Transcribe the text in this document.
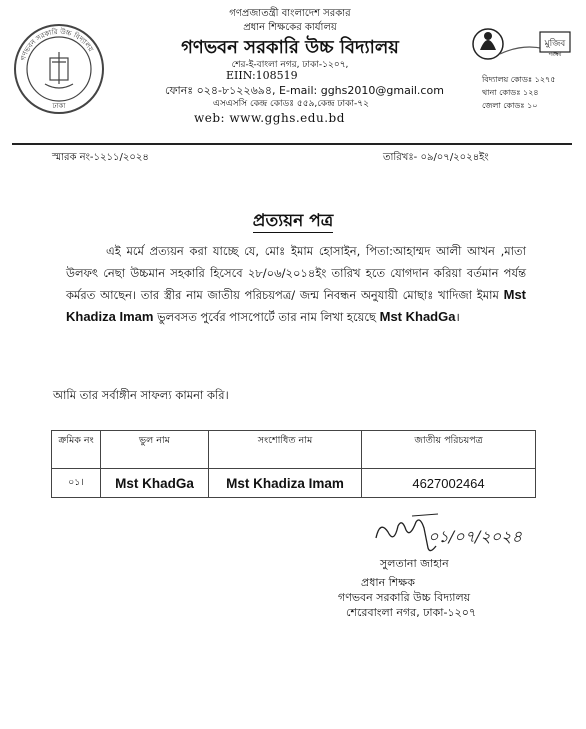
গণভবন সরকারি উচ্চ বিদ্যালয়
ঢাকা
মুজিব
শতবর্ষ
গণপ্রজাতন্ত্রী বাংলাদেশ সরকার
প্রধান শিক্ষকের কার্যালয়
গণভবন সরকারি উচ্চ বিদ্যালয়
শের-ই-বাংলা নগর, ঢাকা-১২০৭,
EIIN:108519
ফোনঃ ০২৪-৮১২২৬৯৪, E-mail: gghs2010@gmail.com
এসএসসি কেন্দ্র কোডঃ ৫৫৯,কেন্দ্র ঢাকা-৭২
web: www.gghs.edu.bd
বিদ্যালয় কোডঃ ১২৭৫
থানা কোডঃ ১২৪
জেলা কোডঃ ১০
স্মারক নং-১২১১/২০২৪	তারিখঃ- ০৯/০৭/২০২৪ইং
প্রত্যয়ন পত্র
এই মর্মে প্রত্যয়ন করা যাচ্ছে যে, মোঃ ইমাম হোসাইন, পিতা:আহাম্মদ আলী আখন ,মাতা উলফৎ নেছা উচ্চমান সহকারি হিসেবে ২৮/০৬/২০১৪ইং তারিখ হতে যোগদান করিয়া বর্তমান পর্যন্ত কর্মরত আছেন। তার স্ত্রীর নাম জাতীয় পরিচয়পত্র/ জন্ম নিবন্ধন অনুযায়ী মোছাঃ খাদিজা ইমাম Mst Khadiza Imam ভুলবসত পুর্বের পাসপোর্টে তার নাম লিখা হয়েছে Mst KhadGa।
আমি তার সর্বাঙ্গীন সাফল্য কামনা করি।
ক্রমিক নং	ভুল নাম	সংশোধিত নাম	জাতীয় পরিচয়পত্র
০১।	Mst KhadGa	Mst Khadiza Imam	4627002464
০১/০৭/২০২৪
সুলতানা জাহান
প্রধান শিক্ষক
গণভবন সরকারি উচ্চ বিদ্যালয়
শেরেবাংলা নগর, ঢাকা-১২০৭
